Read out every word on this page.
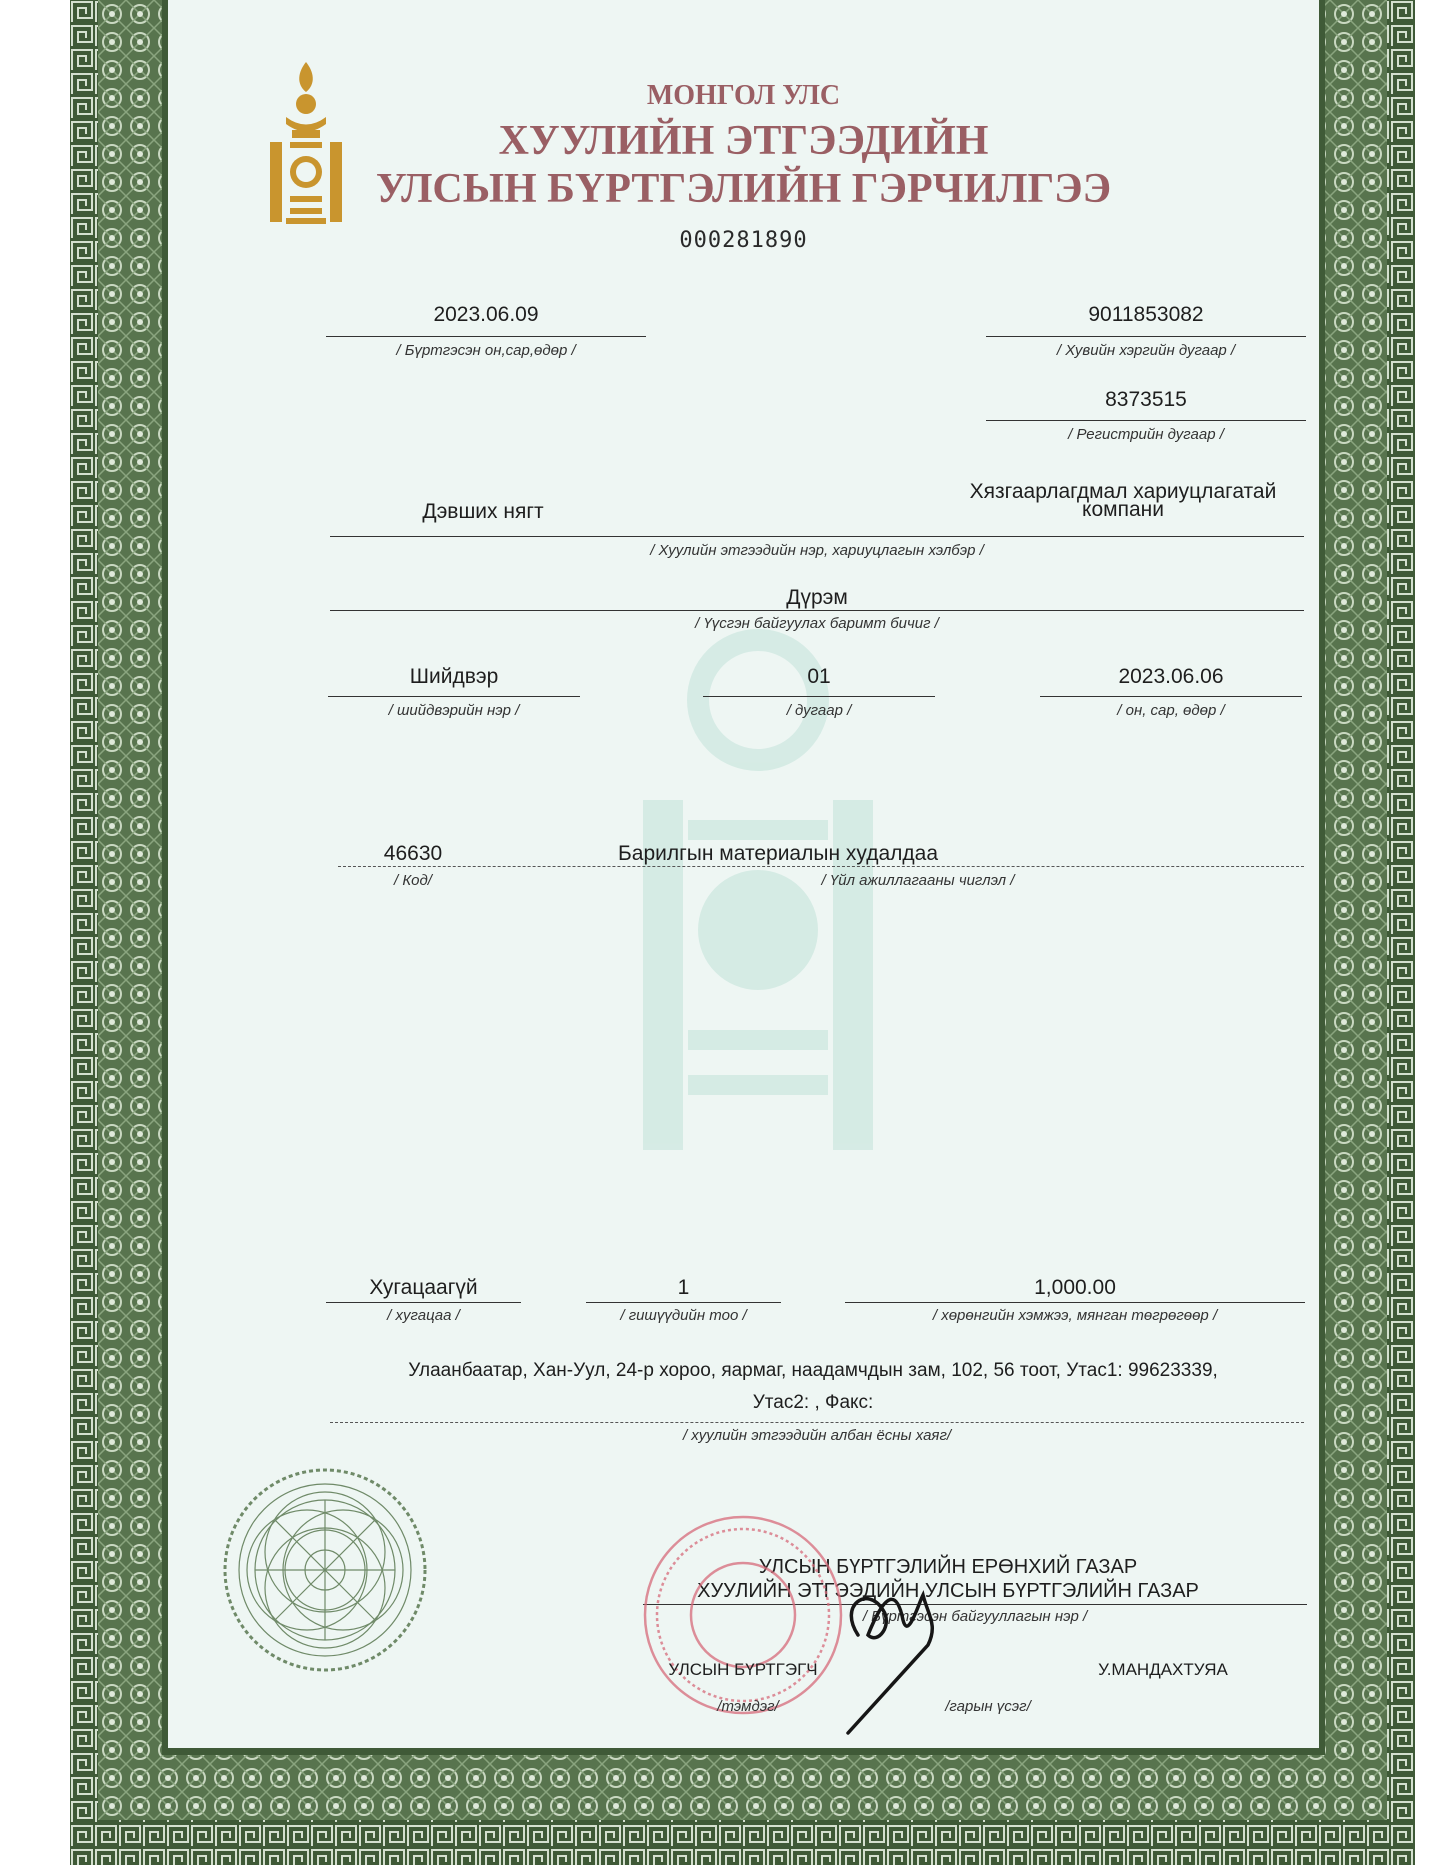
МОНГОЛ УЛС
ХУУЛИЙН ЭТГЭЭДИЙН
УЛСЫН БҮРТГЭЛИЙН ГЭРЧИЛГЭЭ
000281890
2023.06.09
/ Бүртгэсэн он,сар,өдөр /
9011853082
/ Хувийн хэргийн дугаар /
8373515
/ Регистрийн дугаар /
Дэвших нягт
Хязгаарлагдмал хариуцлагатай
компани
/ Хуулийн этгээдийн нэр, хариуцлагын хэлбэр /
Дүрэм
/ Үүсгэн байгуулах баримт бичиг /
Шийдвэр
/ шийдвэрийн нэр /
01
/ дугаар /
2023.06.06
/ он, сар, өдөр /
46630	Барилгын материалын худалдаа
/ Код/	/ Үйл ажиллагааны чиглэл /
Хугацаагүй
/ хугацаа /
1
/ гишүүдийн тоо /
1,000.00
/ хөрөнгийн хэмжээ, мянган төгрөгөөр /
Улаанбаатар, Хан-Уул, 24-р хороо, яармаг, наадамчдын зам, 102, 56 тоот, Утас1: 99623339,
Утас2: , Факс:
/ хуулийн этгээдийн албан ёсны хаяг/
УЛСЫН БҮРТГЭЛИЙН ЕРӨНХИЙ ГАЗАР
ХУУЛИЙН ЭТГЭЭДИЙН УЛСЫН БҮРТГЭЛИЙН ГАЗАР
/ Бүртгэсэн байгууллагын нэр /
УЛСЫН БҮРТГЭГЧ
/тэмдэг/	/гарын үсэг/
У.МАНДАХТУЯА
